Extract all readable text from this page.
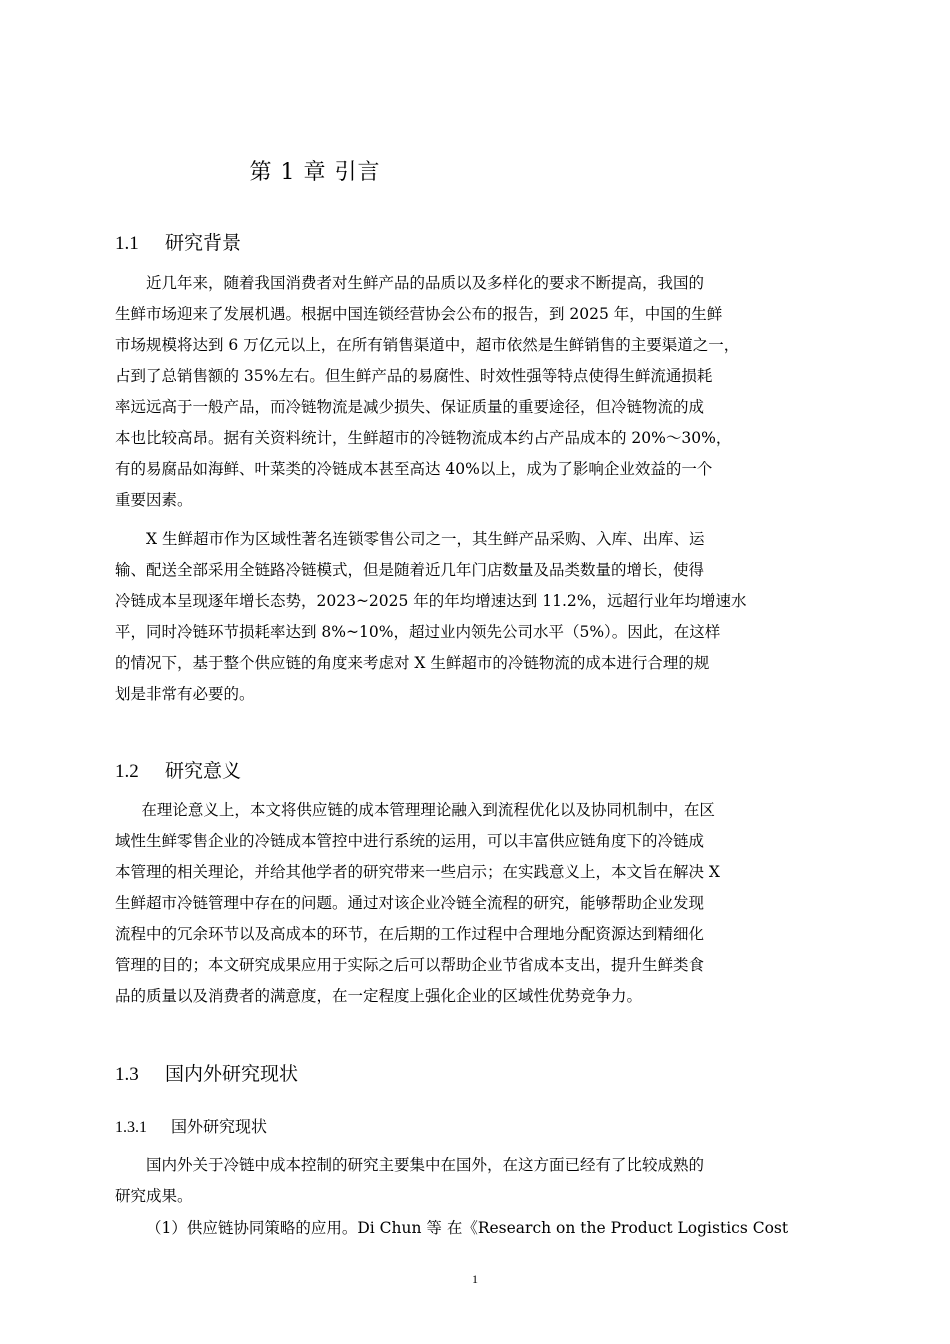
第 1 章 引言
1.1 研究背景
近几年来，随着我国消费者对生鲜产品的品质以及多样化的要求不断提高，我国的
生鲜市场迎来了发展机遇。根据中国连锁经营协会公布的报告，到 2025 年，中国的生鲜
市场规模将达到 6 万亿元以上，在所有销售渠道中，超市依然是生鲜销售的主要渠道之一，
占到了总销售额的 35%左右。但生鲜产品的易腐性、时效性强等特点使得生鲜流通损耗
率远远高于一般产品，而冷链物流是减少损失、保证质量的重要途径，但冷链物流的成
本也比较高昂。据有关资料统计，生鲜超市的冷链物流成本约占产品成本的 20%～30%，
有的易腐品如海鲜、叶菜类的冷链成本甚至高达 40%以上，成为了影响企业效益的一个
重要因素。
X 生鲜超市作为区域性著名连锁零售公司之一，其生鲜产品采购、入库、出库、运
输、配送全部采用全链路冷链模式，但是随着近几年门店数量及品类数量的增长，使得
冷链成本呈现逐年增长态势，2023~2025 年的年均增速达到 11.2%，远超行业年均增速水
平，同时冷链环节损耗率达到 8%~10%，超过业内领先公司水平（5%）。因此，在这样
的情况下，基于整个供应链的角度来考虑对 X 生鲜超市的冷链物流的成本进行合理的规
划是非常有必要的。
1.2 研究意义
在理论意义上，本文将供应链的成本管理理论融入到流程优化以及协同机制中，在区
域性生鲜零售企业的冷链成本管控中进行系统的运用，可以丰富供应链角度下的冷链成
本管理的相关理论，并给其他学者的研究带来一些启示；在实践意义上，本文旨在解决 X
生鲜超市冷链管理中存在的问题。通过对该企业冷链全流程的研究，能够帮助企业发现
流程中的冗余环节以及高成本的环节，在后期的工作过程中合理地分配资源达到精细化
管理的目的；本文研究成果应用于实际之后可以帮助企业节省成本支出，提升生鲜类食
品的质量以及消费者的满意度，在一定程度上强化企业的区域性优势竞争力。
1.3 国内外研究现状
1.3.1 国外研究现状
国内外关于冷链中成本控制的研究主要集中在国外，在这方面已经有了比较成熟的
研究成果。
（1）供应链协同策略的应用。Di Chun 等 在《Research on the Product Logistics Cost
1
